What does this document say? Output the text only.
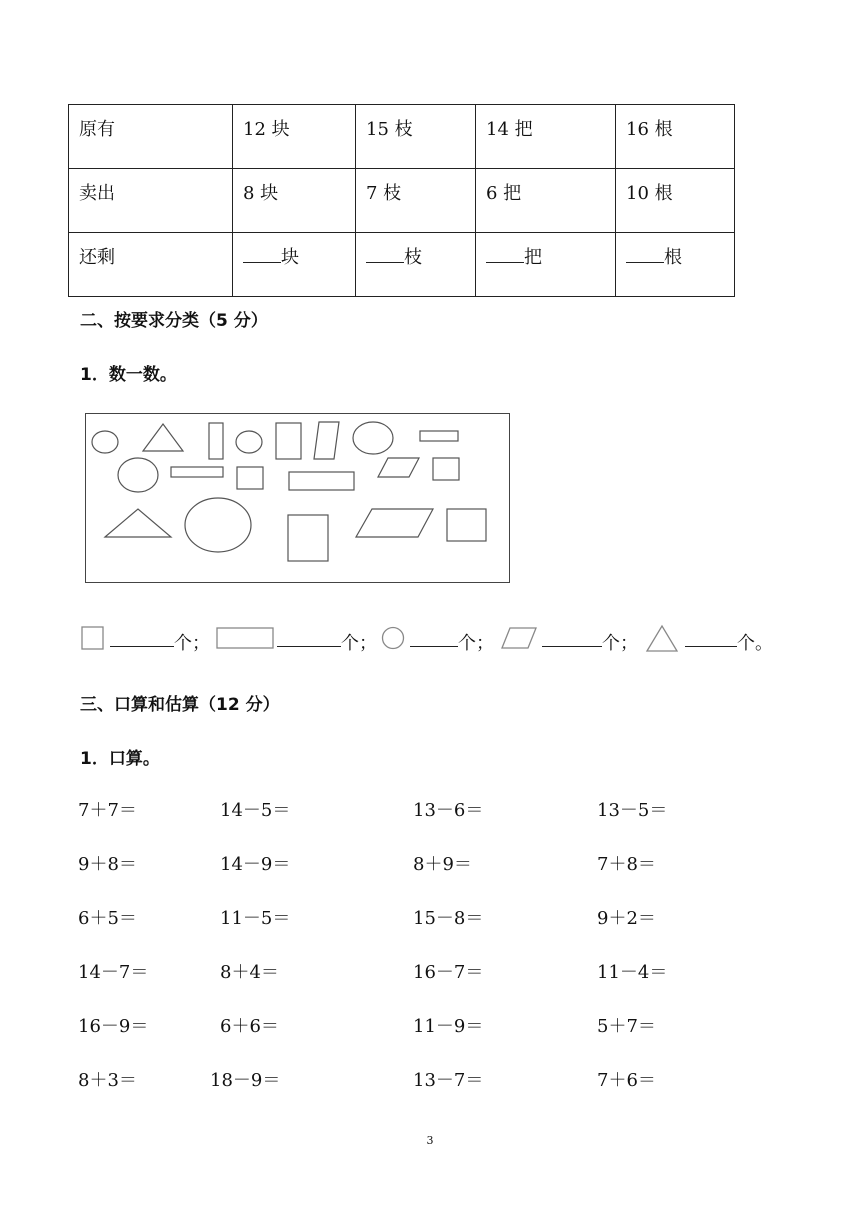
原有	12 块	15 枝	14 把	16 根
卖出	8 块	7 枝	6 把	10 根
还剩	块	枝	把	根
二、按要求分类（5 分）
1．数一数。
个；	个；	个；	个；	个。
三、口算和估算（12 分）
1．口算。
7＋7＝	14－5＝	13－6＝	13－5＝
9＋8＝	14－9＝	8＋9＝	7＋8＝
6＋5＝	11－5＝	15－8＝	9＋2＝
14－7＝	8＋4＝	16－7＝	11－4＝
16－9＝	6＋6＝	11－9＝	5＋7＝
8＋3＝	18－9＝	13－7＝	7＋6＝
3
